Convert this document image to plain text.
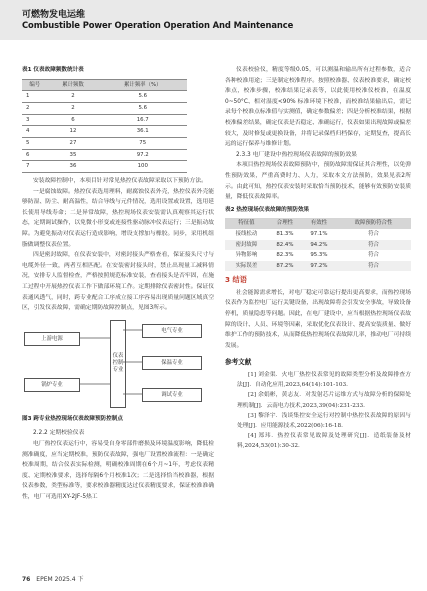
可燃物发电运维
Combustible Power Operation Operation And Maintenance
表1 仪表故障频数统计表
编号	累计频数	累计频率（%）
1	2	5.6
2	2	5.6
3	6	16.7
4	12	36.1
5	27	75
6	35	97.2
7	36	100

安装故障控制中，本项目针对常见热控仪表故障采取以下预防方法。

一是腐蚀故障。热控仪表选用理料，耐腐蚀仪表外壳，热控仪表外壳能够防湿、防尘、耐高温性，结合导线与元件情况，选用设置或设置，选用延长使用导线寿命；二是异常故障，热控现场仪表安装需认真观察其运行状态，定期调试操作，以免微小形变或连接性驱动脉冲仪表运行；三是振动故障。为避免振动对仪表运行造成影响，增设支撑加与橡胶。同步，采用机组脂做调整仪表位置。

四是密封故障，在仪表安装中，对密封接头严格查看，保证接头尺寸与电缆外径一致，两者互相匹配。在安装密封接头时，禁止出现量工减料情况，安排专人监督检查，严格按照规范标准安装，查看接头是否牢固，在施工过程中开展热控仪表工作下做部环境工作。定期排除仪表密封性。保证仪表通风透气，同时，跨专业配合工序成立接工序容易出现质量问题区域真空区，引发仪表故障，需确定期防故障控制点，见图3所示。

上游电源
锅炉专业
仪表控制专业
电气专业
保温专业
调试专业
图3 跨专业热控现场仪表故障预防控制点

2.2.2 定期校验仪表

电厂热控仪表运行中，容易受自身零部件磨损及环境温度影响，降低检测准确度，应当定期校准，预防仪表故障，强电厂设置校准流程：一是确定校准周期，结合仪表实际检测，明确校准周期在6个月~1年，考虑仪表精度、定期校准要求，选择每隔6个月校准1次；二是选择恰当校准器，根据仪表参数，类型标准等，要求校准器精度达过仪表精度要求，保证校准准确性，电厂可选用XY-2JF-5热工

仪表校验仪，精度等级0.05，可以测温和输出所有过程参数，适合各种校准用途；三是制定校准程序。按照校准器、仪表校准要求，确定校准点，校准步骤，校准结果记录表等，以此使用校准仪校准，在温度0~50°C、相对湿度<90% 标准环境下校准，而校准结果输出后，需记录每个校准点标准值与实测值，确定参数偏差；四是分析校准结果，根据校准偏差结果，确定仪表是否稳定、准确运行，仪表如果出现故障或偏差较大，及时修复或更换设备，并将记录保档归档保存，定期复查，提高长远的运行保养与维修计划。

2.3.3 电厂建设中热控现场仪表故障的预防效果

本项目热控现场仪表故障预防中，预防故障需保证其合理性，以免弹性预防效果，严重高费时力、人力，采取本文方法预防，效果见表2所示。由此可知，热控仪表安装时采取恰当预防技术，能够有效预防安装质量，降低仪表故障率。

表2 热控现场仪表故障的预防效果
特征值	合理性	有效性	故障预防符合性
接线松动	81.3%	97.1%	符合
密封故障	82.4%	94.2%	符合
异物影响	82.3%	95.3%	符合
实际误差	87.2%	97.2%	符合
3 结语

社会能源需求增长，对电厂稳定可靠运行提出更高要求，而热控现场仪表作为监控电厂运行关键设备，出现故障将会引发安全事故，导致设备停机，质量隐患等问题。因此，在电厂建设中，应当根据热控现场仪表故障的设计、人员、环境等因素，采取优化仪表设计、提高安装质量、做好维护工作的预防技术，从而降低热控现场仪表故障几率，推动电厂可持续发展。

参考文献

[1] 刘金渠．火电厂热控仪表常见的故障类型分析及故障排查方法[J]．自动化应用,2023,64(14):101-103.

[2] 余娟彬，黄志友．对发射芯片运维方式与故障分析的保障处理机制[J]．云南电力技术,2023,39(04):231-233.

[3] 黎泽宇．浅谈集控安全运行对控制中热控仪表故障的原因与处理[J]．应用能源技术,2022(06):16-18.

[4] 郑玮．热控仪表常见故障及处理研究[J]．造纸装备及材料,2024,53(01):30-32.

76 EPEM 2025.4 下
